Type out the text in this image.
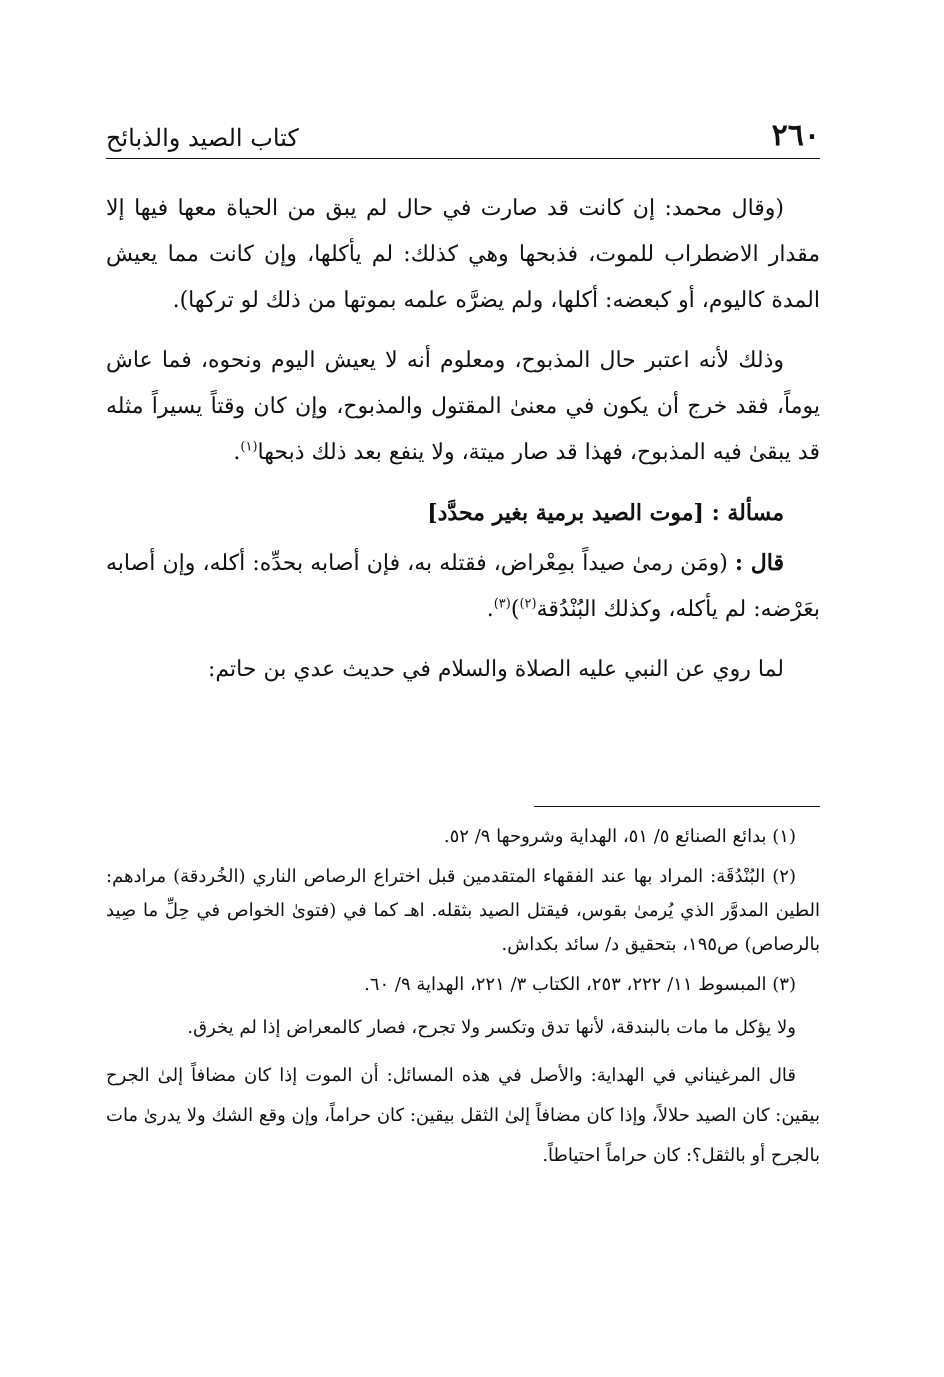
٢٦٠
كتاب الصيد والذبائح

(وقال محمد: إن كانت قد صارت في حال لم يبق من الحياة معها فيها إلا مقدار الاضطراب للموت، فذبحها وهي كذلك: لم يأكلها، وإن كانت مما يعيش المدة كاليوم، أو كبعضه: أكلها، ولم يضرَّه علمه بموتها من ذلك لو تركها).

وذلك لأنه اعتبر حال المذبوح، ومعلوم أنه لا يعيش اليوم ونحوه، فما عاش يوماً، فقد خرج أن يكون في معنىٰ المقتول والمذبوح، وإن كان وقتاً يسيراً مثله قد يبقىٰ فيه المذبوح، فهذا قد صار ميتة، ولا ينفع بعد ذلك ذبحها$^{(١)}$.

مسألة : [موت الصيد برمية بغير محدَّد]

قال : (ومَن رمىٰ صيداً بمِعْراض، فقتله به، فإن أصابه بحدِّه: أكله، وإن أصابه بعَرْضه: لم يأكله، وكذلك البُنْدُقة$^{(٢)}$)$^{(٣)}$.

لما روي عن النبي عليه الصلاة والسلام في حديث عدي بن حاتم:

(١) بدائع الصنائع ٥/ ٥١، الهداية وشروحها ٩/ ٥٢.

(٢) البُنْدُقَة: المراد بها عند الفقهاء المتقدمين قبل اختراع الرصاص الناري (الخُردقة) مرادهم: الطين المدوَّر الذي يُرمىٰ بقوس، فيقتل الصيد بثقله. اهـ كما في (فتوىٰ الخواص في حِلِّ ما صِيد بالرصاص) ص١٩٥، بتحقيق د/ سائد بكداش.

(٣) المبسوط ١١/ ٢٢٢، ٢٥٣، الكتاب ٣/ ٢٢١، الهداية ٩/ ٦٠.

ولا يؤكل ما مات بالبندقة، لأنها تدق وتكسر ولا تجرح، فصار كالمعراض إذا لم يخرق.

قال المرغيناني في الهداية: والأصل في هذه المسائل: أن الموت إذا كان مضافاً إلىٰ الجرح بيقين: كان الصيد حلالاً، وإذا كان مضافاً إلىٰ الثقل بيقين: كان حراماً، وإن وقع الشك ولا يدرىٰ مات بالجرح أو بالثقل؟: كان حراماً احتياطاً.
